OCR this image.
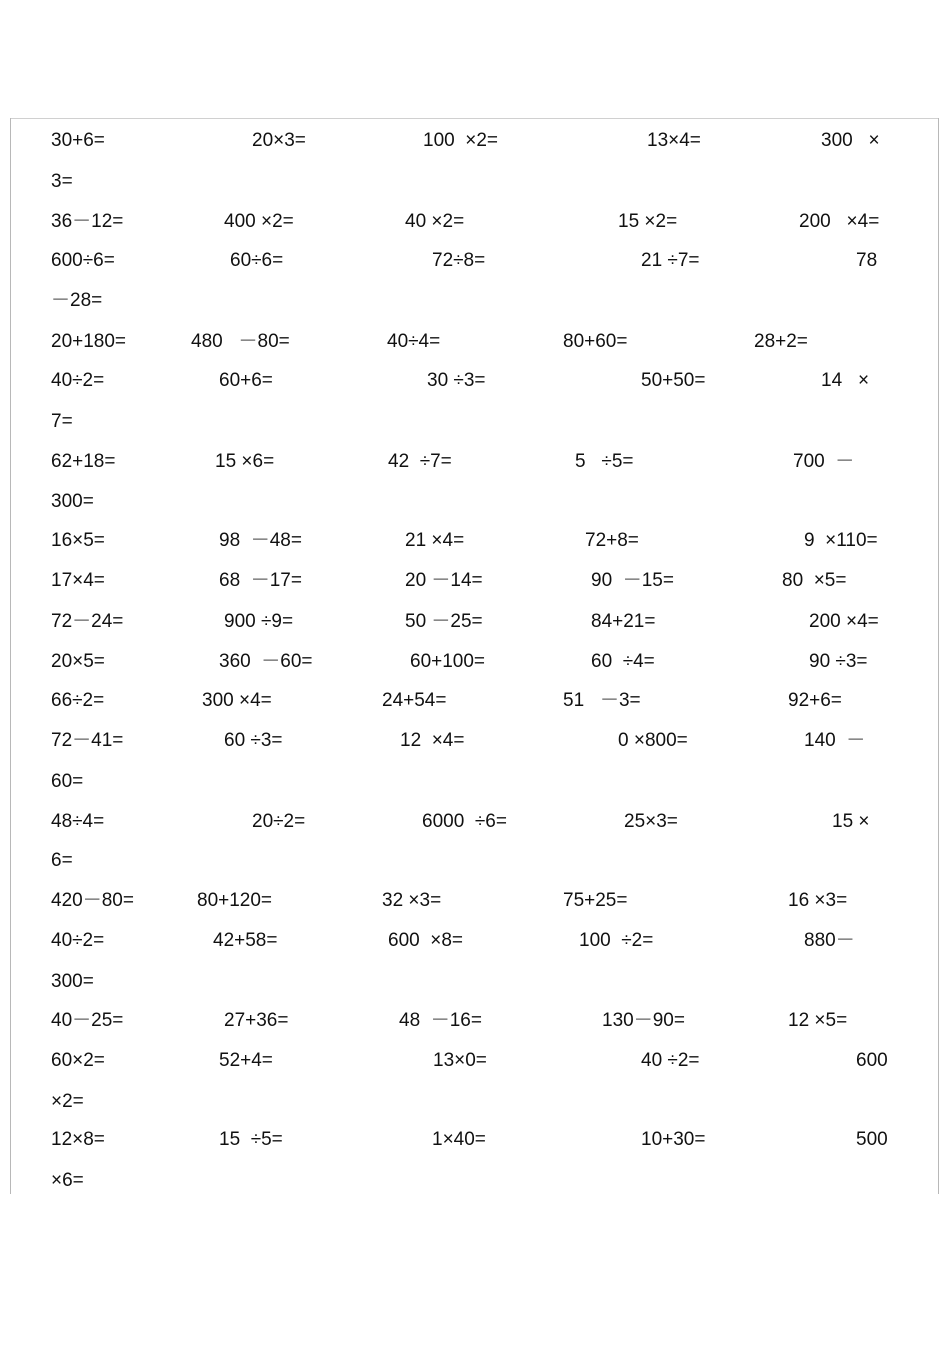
30+6=	20×3=	100  ×2=	13×4=	300   ×
3=
36－12=	400 ×2=	40 ×2=	15 ×2=	200   ×4=
600÷6=	60÷6=	72÷8=	21 ÷7=	78
－28=
20+180=	480   －80=	40÷4=	80+60=	28+2=
40÷2=	60+6=	30 ÷3=	50+50=	14   ×
7=
62+18=	15 ×6=	42  ÷7=	5   ÷5=	700  －
300=
16×5=	98  －48=	21 ×4=	72+8=	9  ×110=
17×4=	68  －17=	20 －14=	90  －15=	80  ×5=
72－24=	900 ÷9=	50 －25=	84+21=	200 ×4=
20×5=	360  －60=	60+100=	60  ÷4=	90 ÷3=
66÷2=	300 ×4=	24+54=	51   －3=	92+6=
72－41=	60 ÷3=	12  ×4=	0 ×800=	140  －
60=
48÷4=	20÷2=	6000  ÷6=	25×3=	15 ×
6=
420－80=	80+120=	32 ×3=	75+25=	16 ×3=
40÷2=	42+58=	600  ×8=	100  ÷2=	880－
300=
40－25=	27+36=	48  －16=	130－90=	12 ×5=
60×2=	52+4=	13×0=	40 ÷2=	600
×2=
12×8=	15  ÷5=	1×40=	10+30=	500
×6=
